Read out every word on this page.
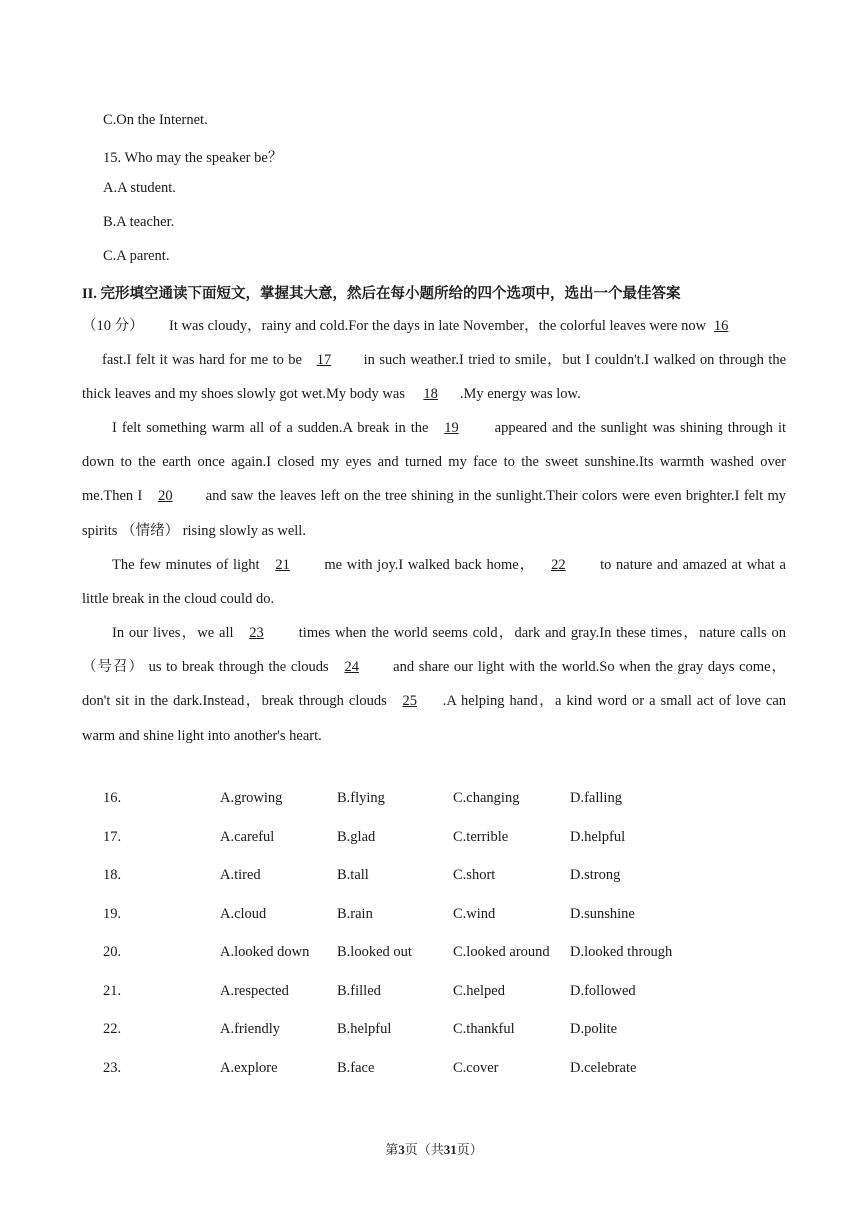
C.On the Internet.
15. Who may the speaker be？
A.A student.
B.A teacher.
C.A parent.
II. 完形填空通读下面短文，掌握其大意，然后在每小题所给的四个选项中，选出一个最佳答案
（10 分） It was cloudy，rainy and cold.For the days in late November，the colorful leaves were now 16
fast.I felt it was hard for me to be 17 in such weather.I tried to smile，but I couldn't.I walked on through the thick leaves and my shoes slowly got wet.My body was 18 .My energy was low.
I felt something warm all of a sudden.A break in the 19 appeared and the sunlight was shining through it down to the earth once again.I closed my eyes and turned my face to the sweet sunshine.Its warmth washed over me.Then I 20 and saw the leaves left on the tree shining in the sunlight.Their colors were even brighter.I felt my spirits （情绪） rising slowly as well.
The few minutes of light 21 me with joy.I walked back home， 22 to nature and amazed at what a little break in the cloud could do.
In our lives，we all 23 times when the world seems cold，dark and gray.In these times，nature calls on （号召） us to break through the clouds 24 and share our light with the world.So when the gray days come，don't sit in the dark.Instead，break through clouds 25 .A helping hand，a kind word or a small act of love can warm and shine light into another's heart.
16.	A.growing	B.flying	C.changing	D.falling
17.	A.careful	B.glad	C.terrible	D.helpful
18.	A.tired	B.tall	C.short	D.strong
19.	A.cloud	B.rain	C.wind	D.sunshine
20.	A.looked down B.looked out	C.looked around D.looked through
21.	A.respected	B.filled	C.helped	D.followed
22.	A.friendly	B.helpful	C.thankful	D.polite
23.	A.explore	B.face	C.cover	D.celebrate
第3页（共31页）
